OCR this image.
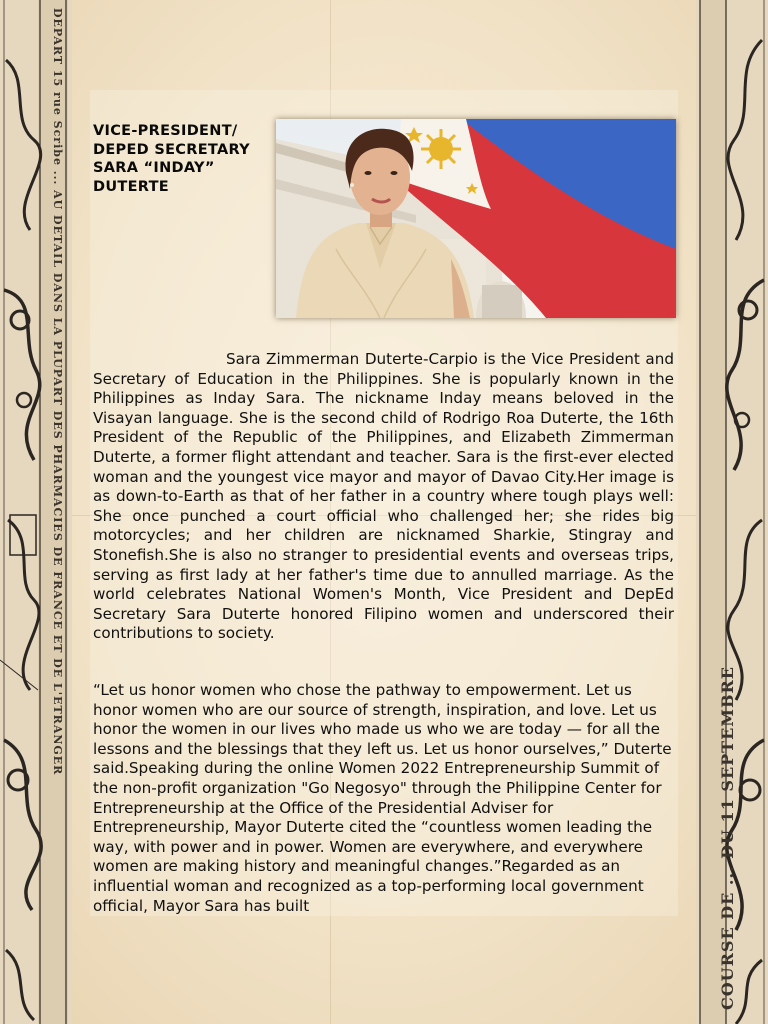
DEPART 15 rue Scribe ... AU DETAIL DANS LA PLUPART DES PHARMACIES DE FRANCE ET DE L'ETRANGER
COURSE DE ... DU 11 SEPTEMBRE
VICE-PRESIDENT/ DEPED SECRETARY SARA “INDAY” DUTERTE

Sara Zimmerman Duterte-Carpio is the Vice President and Secretary of Education in the Philippines. She is popularly known in the Philippines as Inday Sara. The nickname Inday means beloved in the Visayan language. She is the second child of Rodrigo Roa Duterte, the 16th President of the Republic of the Philippines, and Elizabeth Zimmerman Duterte, a former flight attendant and teacher. Sara is the first-ever elected woman and the youngest vice mayor and mayor of Davao City.Her image is as down-to-Earth as that of her father in a country where tough plays well: She once punched a court official who challenged her; she rides big motorcycles; and her children are nicknamed Sharkie, Stingray and Stonefish.She is also no stranger to presidential events and overseas trips, serving as first lady at her father's time due to annulled marriage. As the world celebrates National Women's Month, Vice President and DepEd Secretary Sara Duterte honored Filipino women and underscored their contributions to society.

“Let us honor women who chose the pathway to empowerment. Let us honor women who are our source of strength, inspiration, and love. Let us honor the women in our lives who made us who we are today — for all the lessons and the blessings that they left us. Let us honor ourselves,” Duterte said.Speaking during the online Women 2022 Entrepreneurship Summit of the non-profit organization "Go Negosyo" through the Philippine Center for Entrepreneurship at the Office of the Presidential Adviser for Entrepreneurship, Mayor Duterte cited the “countless women leading the way, with power and in power. Women are everywhere, and everywhere women are making history and meaningful changes.”Regarded as an influential woman and recognized as a top-performing local government official, Mayor Sara has built
